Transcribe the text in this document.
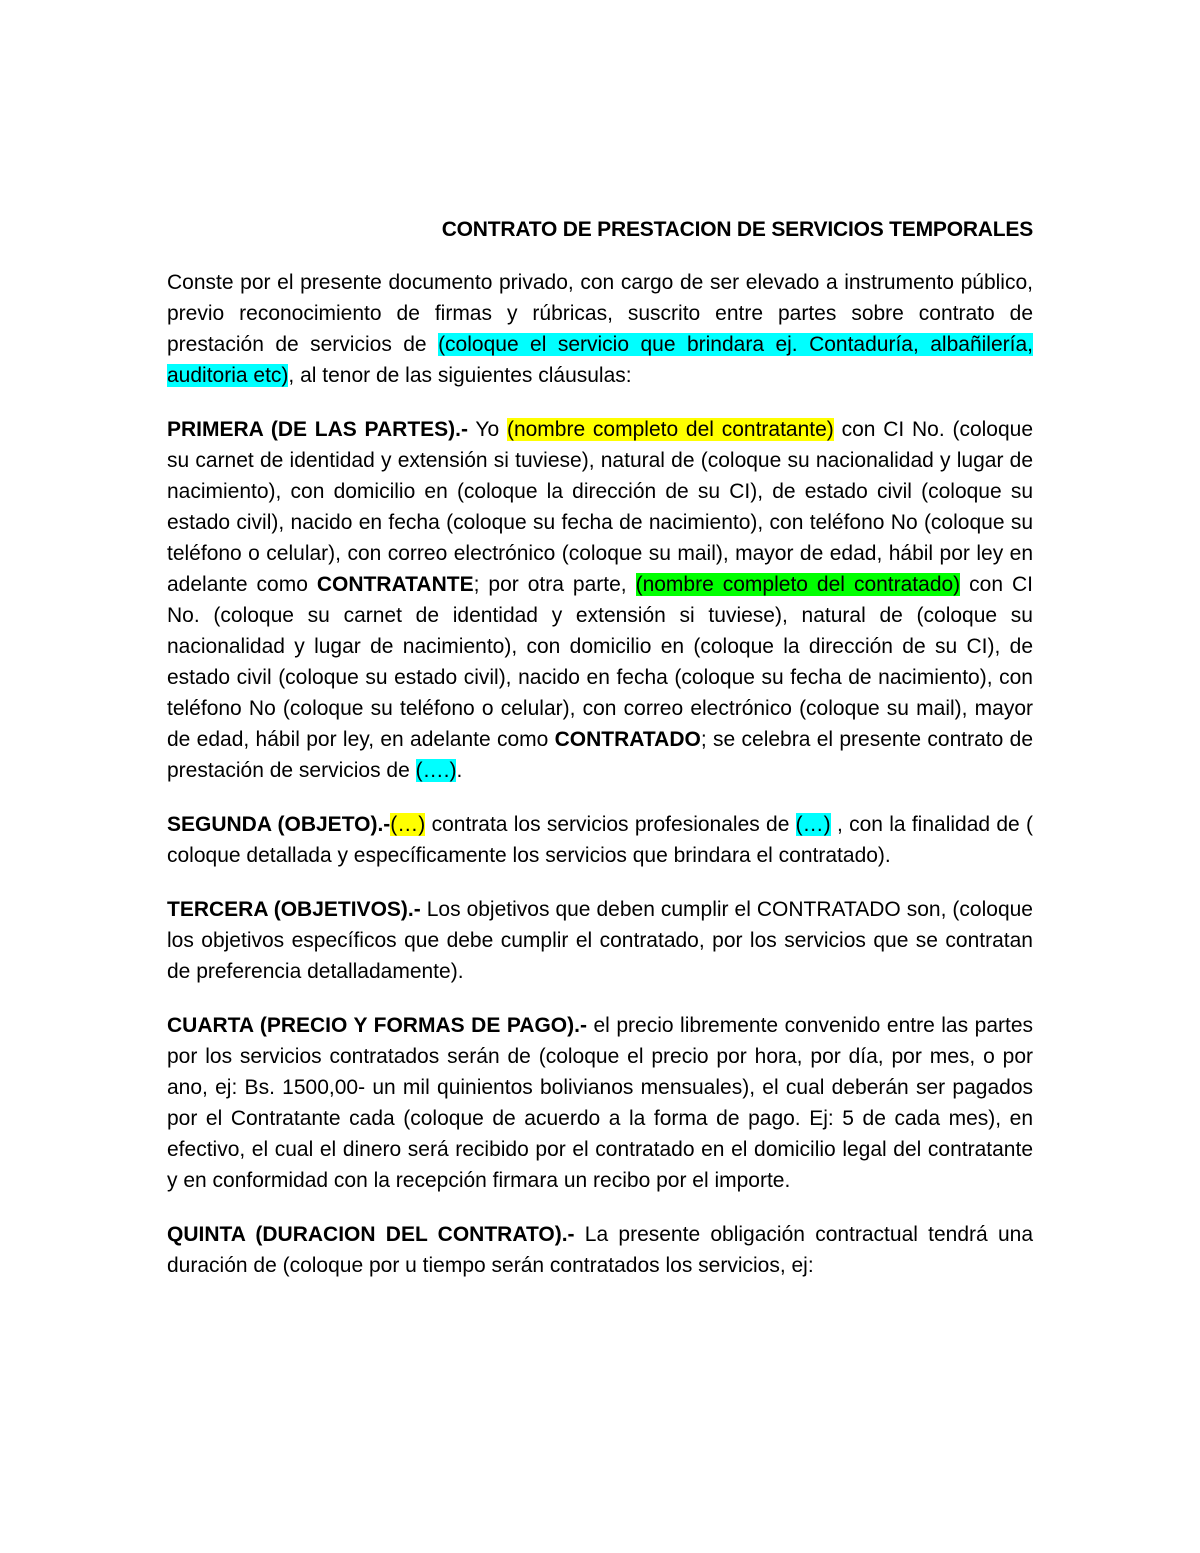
CONTRATO DE PRESTACION DE SERVICIOS TEMPORALES

Conste por el presente documento privado, con cargo de ser elevado a instrumento público, previo reconocimiento de firmas y rúbricas, suscrito entre partes sobre contrato de prestación de servicios de (coloque el servicio que brindara ej. Contaduría, albañilería, auditoria etc), al tenor de las siguientes cláusulas:

PRIMERA (DE LAS PARTES).- Yo (nombre completo del contratante) con CI No. (coloque su carnet de identidad y extensión si tuviese), natural de (coloque su nacionalidad y lugar de nacimiento), con domicilio en (coloque la dirección de su CI), de estado civil (coloque su estado civil), nacido en fecha (coloque su fecha de nacimiento), con teléfono No (coloque su teléfono o celular), con correo electrónico (coloque su mail), mayor de edad, hábil por ley en adelante como CONTRATANTE; por otra parte, (nombre completo del contratado) con CI No. (coloque su carnet de identidad y extensión si tuviese), natural de (coloque su nacionalidad y lugar de nacimiento), con domicilio en (coloque la dirección de su CI), de estado civil (coloque su estado civil), nacido en fecha (coloque su fecha de nacimiento), con teléfono No (coloque su teléfono o celular), con correo electrónico (coloque su mail), mayor de edad, hábil por ley, en adelante como CONTRATADO; se celebra el presente contrato de prestación de servicios de (….).

SEGUNDA (OBJETO).-(…) contrata los servicios profesionales de (…) , con la finalidad de ( coloque detallada y específicamente los servicios que brindara el contratado).

TERCERA (OBJETIVOS).- Los objetivos que deben cumplir el CONTRATADO son, (coloque los objetivos específicos que debe cumplir el contratado, por los servicios que se contratan de preferencia detalladamente).

CUARTA (PRECIO Y FORMAS DE PAGO).- el precio libremente convenido entre las partes por los servicios contratados serán de (coloque el precio por hora, por día, por mes, o por ano, ej: Bs. 1500,00- un mil quinientos bolivianos mensuales), el cual deberán ser pagados por el Contratante cada (coloque de acuerdo a la forma de pago. Ej: 5 de cada mes), en efectivo, el cual el dinero será recibido por el contratado en el domicilio legal del contratante y en conformidad con la recepción firmara un recibo por el importe.

QUINTA (DURACION DEL CONTRATO).- La presente obligación contractual tendrá una duración de (coloque por u tiempo serán contratados los servicios, ej:
